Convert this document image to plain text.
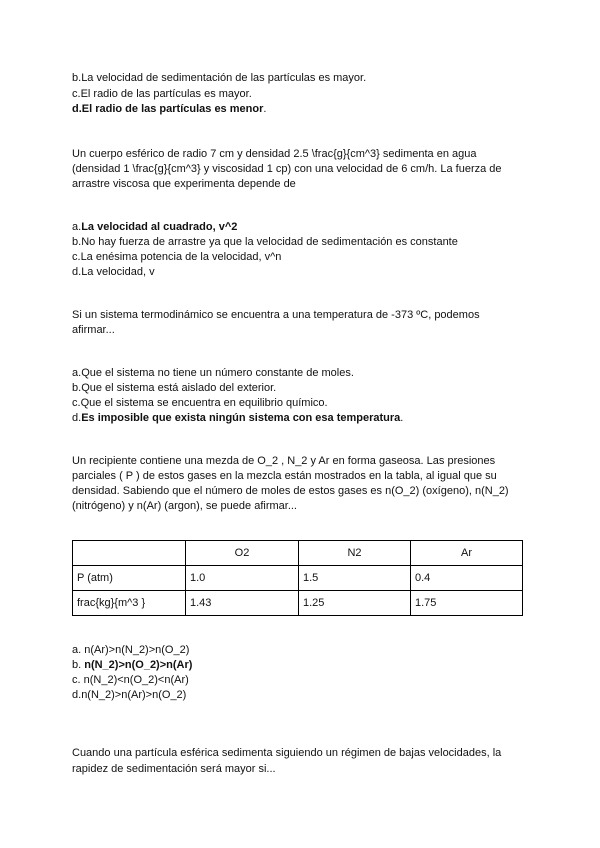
b.La velocidad de sedimentación de las partículas es mayor.
c.El radio de las partículas es mayor.
d.El radio de las partículas es menor.
Un cuerpo esférico de radio 7 cm y densidad 2.5 \frac{g}{cm^3} sedimenta en agua
(densidad 1 \frac{g}{cm^3} y viscosidad 1 cp) con una velocidad de 6 cm/h. La fuerza de
arrastre viscosa que experimenta depende de
a.La velocidad al cuadrado, v^2
b.No hay fuerza de arrastre ya que la velocidad de sedimentación es constante
c.La enésima potencia de la velocidad, v^n
d.La velocidad, v
Si un sistema termodinámico se encuentra a una temperatura de -373 ºC, podemos
afirmar...
a.Que el sistema no tiene un número constante de moles.
b.Que el sistema está aislado del exterior.
c.Que el sistema se encuentra en equilibrio químico.
d.Es imposible que exista ningún sistema con esa temperatura.
Un recipiente contiene una mezda de O_2 , N_2 y Ar en forma gaseosa. Las presiones
parciales ( P ) de estos gases en la mezcla están mostrados en la tabla, al igual que su
densidad. Sabiendo que el número de moles de estos gases es n(O_2) (oxígeno), n(N_2)
(nitrógeno) y n(Ar) (argon), se puede afirmar...
	O2	N2	Ar
P (atm)	1.0	1.5	0.4
frac{kg}{m^3 }	1.43	1.25	1.75
a. n(Ar)>n(N_2)>n(O_2)
b. n(N_2)>n(O_2)>n(Ar)
c. n(N_2)<n(O_2)<n(Ar)
d.n(N_2)>n(Ar)>n(O_2)
Cuando una partícula esférica sedimenta siguiendo un régimen de bajas velocidades, la
rapidez de sedimentación será mayor si...
